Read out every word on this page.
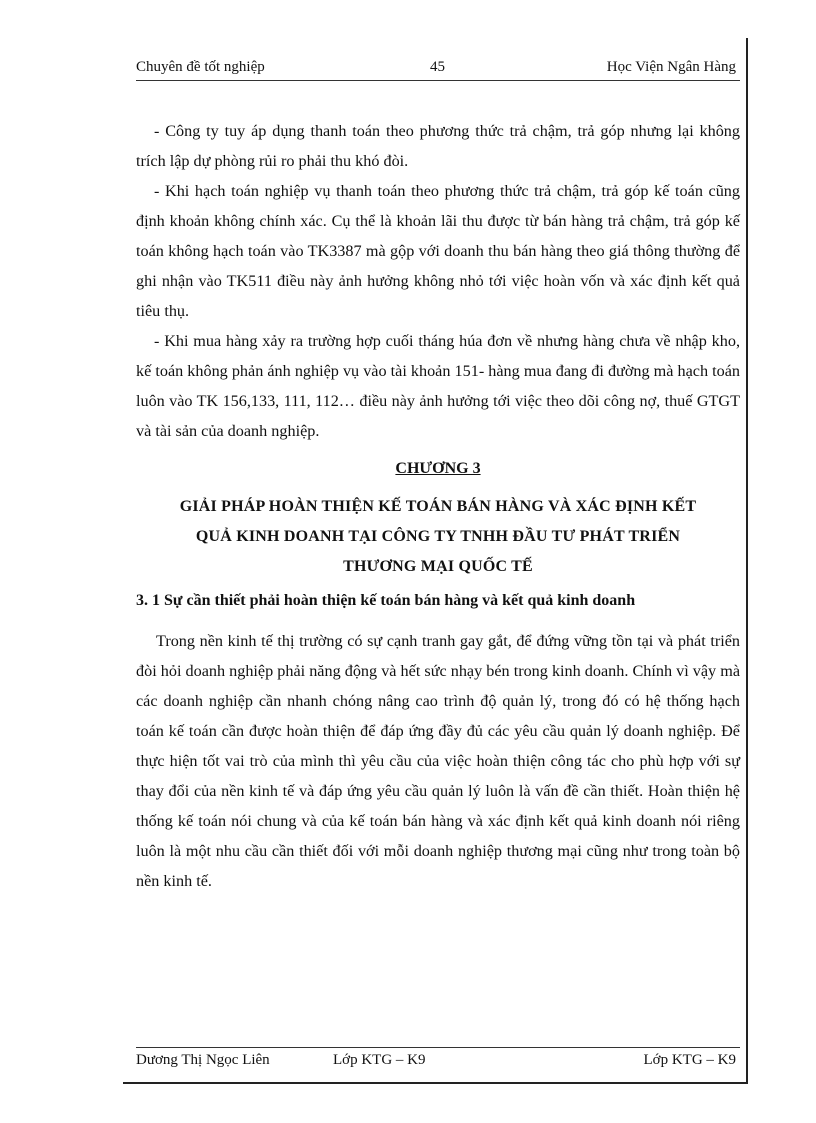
Chuyên đề tốt nghiệp	45	Học Viện Ngân Hàng

- Công ty tuy áp dụng thanh toán theo phương thức trả chậm, trả góp nhưng lại không trích lập dự phòng rủi ro phải thu khó đòi.

- Khi hạch toán nghiệp vụ thanh toán theo phương thức trả chậm, trả góp kế toán cũng định khoản không chính xác. Cụ thể là khoản lãi thu được từ bán hàng trả chậm, trả góp kế toán không hạch toán vào TK3387 mà gộp với doanh thu bán hàng theo giá thông thường để ghi nhận vào TK511 điều này ảnh hưởng không nhỏ tới việc hoàn vốn và xác định kết quả tiêu thụ.

- Khi mua hàng xảy ra trường hợp cuối tháng húa đơn về nhưng hàng chưa về nhập kho, kế toán không phản ánh nghiệp vụ vào tài khoản 151- hàng mua đang đi đường mà hạch toán luôn vào TK 156,133, 111, 112… điều này ảnh hưởng tới việc theo dõi công nợ, thuế GTGT và tài sản của doanh nghiệp.

CHƯƠNG 3
GIẢI PHÁP HOÀN THIỆN KẾ TOÁN BÁN HÀNG VÀ XÁC ĐỊNH KẾT
QUẢ KINH DOANH TẠI CÔNG TY TNHH ĐẦU TƯ PHÁT TRIỂN
THƯƠNG MẠI QUỐC TẾ
3. 1 Sự cần thiết phải hoàn thiện kế toán bán hàng và kết quả kinh doanh

Trong nền kinh tế thị trường có sự cạnh tranh gay gắt, để đứng vững tồn tại và phát triển đòi hỏi doanh nghiệp phải năng động và hết sức nhạy bén trong kinh doanh. Chính vì vậy mà các doanh nghiệp cần nhanh chóng nâng cao trình độ quản lý, trong đó có hệ thống hạch toán kế toán cần được hoàn thiện để đáp ứng đầy đủ các yêu cầu quản lý doanh nghiệp. Để thực hiện tốt vai trò của mình thì yêu cầu của việc hoàn thiện công tác cho phù hợp với sự thay đổi của nền kinh tế và đáp ứng yêu cầu quản lý luôn là vấn đề cần thiết. Hoàn thiện hệ thống kế toán nói chung và của kế toán bán hàng và xác định kết quả kinh doanh nói riêng luôn là một nhu cầu cần thiết đối với mỗi doanh nghiệp thương mại cũng như trong toàn bộ nền kinh tế.

Dương Thị Ngọc Liên	Lớp KTG – K9	Lớp KTG – K9
